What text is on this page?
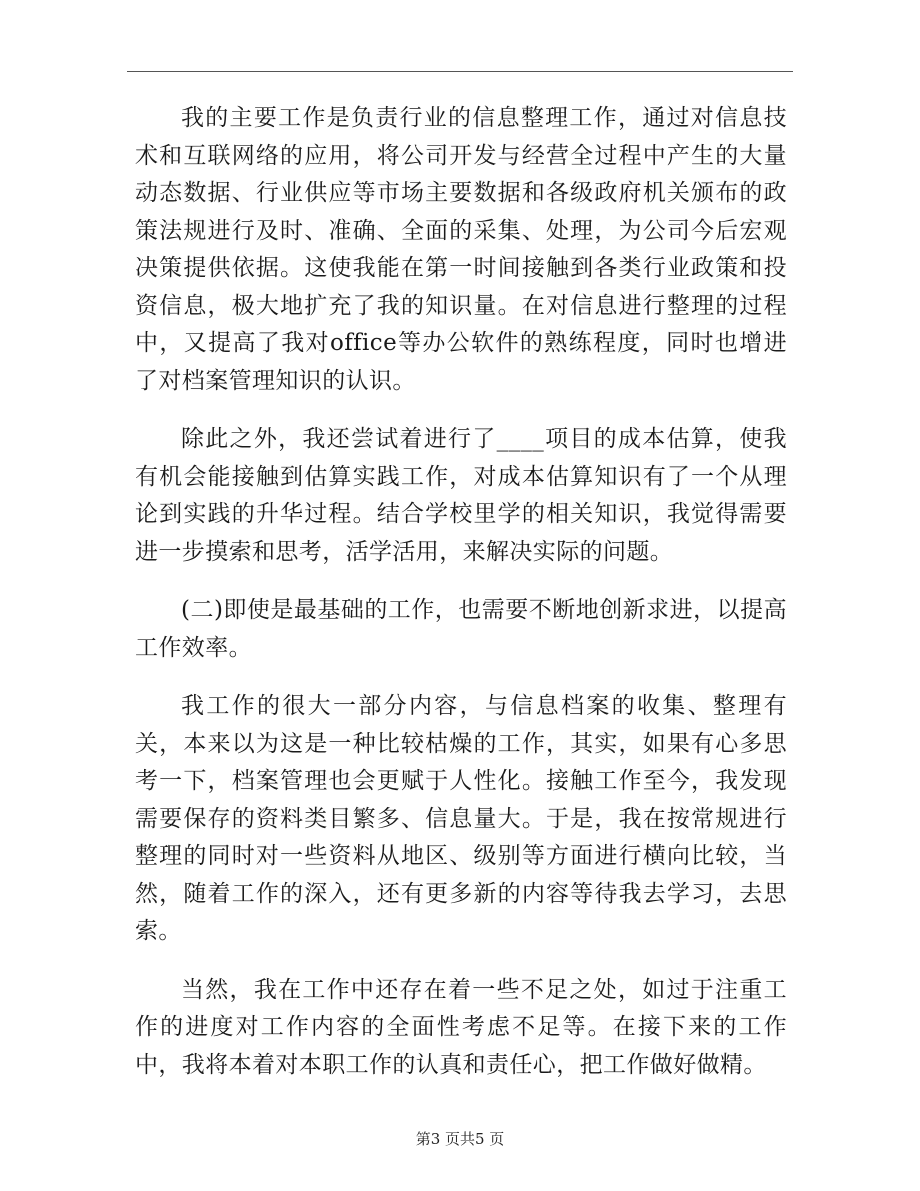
我的主要工作是负责行业的信息整理工作，通过对信息技术和互联网络的应用，将公司开发与经营全过程中产生的大量动态数据、行业供应等市场主要数据和各级政府机关颁布的政策法规进行及时、准确、全面的采集、处理，为公司今后宏观决策提供依据。这使我能在第一时间接触到各类行业政策和投资信息，极大地扩充了我的知识量。在对信息进行整理的过程中，又提高了我对office等办公软件的熟练程度，同时也增进了对档案管理知识的认识。

除此之外，我还尝试着进行了____项目的成本估算，使我有机会能接触到估算实践工作，对成本估算知识有了一个从理论到实践的升华过程。结合学校里学的相关知识，我觉得需要进一步摸索和思考，活学活用，来解决实际的问题。

(二)即使是最基础的工作，也需要不断地创新求进，以提高工作效率。

我工作的很大一部分内容，与信息档案的收集、整理有关，本来以为这是一种比较枯燥的工作，其实，如果有心多思考一下，档案管理也会更赋于人性化。接触工作至今，我发现需要保存的资料类目繁多、信息量大。于是，我在按常规进行整理的同时对一些资料从地区、级别等方面进行横向比较，当然，随着工作的深入，还有更多新的内容等待我去学习，去思索。

当然，我在工作中还存在着一些不足之处，如过于注重工作的进度对工作内容的全面性考虑不足等。在接下来的工作中，我将本着对本职工作的认真和责任心，把工作做好做精。

第3 页共5 页
